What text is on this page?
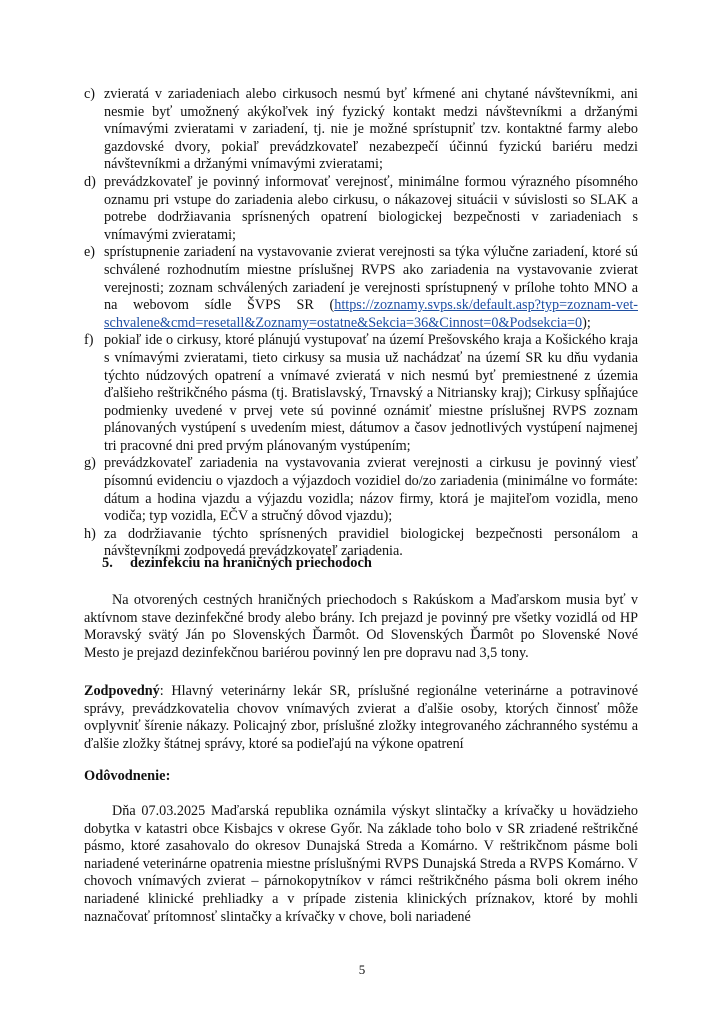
c) zvieratá v zariadeniach alebo cirkusoch nesmú byť kŕmené ani chytané návštevníkmi, ani nesmie byť umožnený akýkoľvek iný fyzický kontakt medzi návštevníkmi a držanými vnímavými zvieratami v zariadení, tj. nie je možné sprístupniť tzv. kontaktné farmy alebo gazdovské dvory, pokiaľ prevádzkovateľ nezabezpečí účinnú fyzickú bariéru medzi návštevníkmi a držanými vnímavými zvieratami;
d) prevádzkovateľ je povinný informovať verejnosť, minimálne formou výrazného písomného oznamu pri vstupe do zariadenia alebo cirkusu, o nákazovej situácii v súvislosti so SLAK a potrebe dodržiavania sprísnených opatrení biologickej bezpečnosti v zariadeniach s vnímavými zvieratami;
e) sprístupnenie zariadení na vystavovanie zvierat verejnosti sa týka výlučne zariadení, ktoré sú schválené rozhodnutím miestne príslušnej RVPS ako zariadenia na vystavovanie zvierat verejnosti; zoznam schválených zariadení je verejnosti sprístupnený v prílohe tohto MNO a na webovom sídle ŠVPS SR (https://zoznamy.svps.sk/default.asp?typ=zoznam-vet-schvalene&cmd=resetall&Zoznamy=ostatne&Sekcia=36&Cinnost=0&Podsekcia=0);
f) pokiaľ ide o cirkusy, ktoré plánujú vystupovať na území Prešovského kraja a Košického kraja s vnímavými zvieratami, tieto cirkusy sa musia už nachádzať na území SR ku dňu vydania týchto núdzových opatrení a vnímavé zvieratá v nich nesmú byť premiestnené z územia ďalšieho reštrikčného pásma (tj. Bratislavský, Trnavský a Nitriansky kraj); Cirkusy spĺňajúce podmienky uvedené v prvej vete sú povinné oznámiť miestne príslušnej RVPS zoznam plánovaných vystúpení s uvedením miest, dátumov a časov jednotlivých vystúpení najmenej tri pracovné dni pred prvým plánovaným vystúpením;
g) prevádzkovateľ zariadenia na vystavovania zvierat verejnosti a cirkusu je povinný viesť písomnú evidenciu o vjazdoch a výjazdoch vozidiel do/zo zariadenia (minimálne vo formáte: dátum a hodina vjazdu a výjazdu vozidla; názov firmy, ktorá je majiteľom vozidla, meno vodiča; typ vozidla, EČV a stručný dôvod vjazdu);
h) za dodržiavanie týchto sprísnených pravidiel biologickej bezpečnosti personálom a návštevníkmi zodpovedá prevádzkovateľ zariadenia.
5. dezinfekciu na hraničných priechodoch

Na otvorených cestných hraničných priechodoch s Rakúskom a Maďarskom musia byť v aktívnom stave dezinfekčné brody alebo brány. Ich prejazd je povinný pre všetky vozidlá od HP Moravský svätý Ján po Slovenských Ďarmôt. Od Slovenských Ďarmôt po Slovenské Nové Mesto je prejazd dezinfekčnou bariérou povinný len pre dopravu nad 3,5 tony.

Zodpovedný: Hlavný veterinárny lekár SR, príslušné regionálne veterinárne a potravinové správy, prevádzkovatelia chovov vnímavých zvierat a ďalšie osoby, ktorých činnosť môže ovplyvniť šírenie nákazy. Policajný zbor, príslušné zložky integrovaného záchranného systému a ďalšie zložky štátnej správy, ktoré sa podieľajú na výkone opatrení

Odôvodnenie:

Dňa 07.03.2025 Maďarská republika oznámila výskyt slintačky a krívačky u hovädzieho dobytka v katastri obce Kisbajcs v okrese Győr. Na základe toho bolo v SR zriadené reštrikčné pásmo, ktoré zasahovalo do okresov Dunajská Streda a Komárno. V reštrikčnom pásme boli nariadené veterinárne opatrenia miestne príslušnými RVPS Dunajská Streda a RVPS Komárno. V chovoch vnímavých zvierat – párnokopytníkov v rámci reštrikčného pásma boli okrem iného nariadené klinické prehliadky a v prípade zistenia klinických príznakov, ktoré by mohli naznačovať prítomnosť slintačky a krívačky v chove, boli nariadené

5
